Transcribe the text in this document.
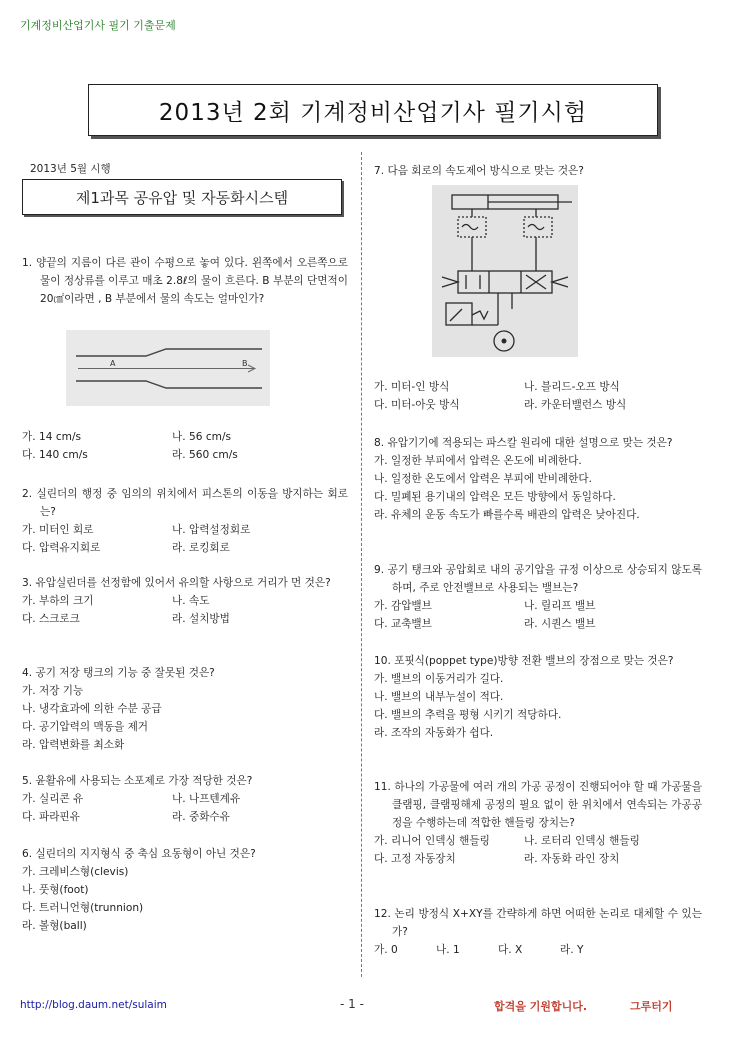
기계정비산업기사 필기 기출문제
2013년 2회 기계정비산업기사 필기시험
2013년 5월 시행
제1과목 공유압 및 자동화시스템

1. 양끝의 지름이 다른 관이 수평으로 놓여 있다. 왼쪽에서 오른쪽으로 물이 정상류를 이루고 매초 2.8ℓ의 물이 흐른다. B 부분의 단면적이 20㎠이라면 , B 부분에서 물의 속도는 얼마인가?

가. 14 cm/s	나. 56 cm/s
다. 140 cm/s	라. 560 cm/s

2. 실린더의 행정 중 임의의 위치에서 피스톤의 이동을 방지하는 회로는?

가. 미터인 회로	나. 압력설정회로
다. 압력유지회로	라. 로킹회로

3. 유압실린더를 선정함에 있어서 유의할 사항으로 거리가 먼 것은?

가. 부하의 크기	나. 속도
다. 스크로크	라. 설치방법

4. 공기 저장 탱크의 기능 중 잘못된 것은?

가. 저장 기능

나. 냉각효과에 의한 수분 공급

다. 공기압력의 맥동을 제거

라. 압력변화를 최소화

5. 윤활유에 사용되는 소포제로 가장 적당한 것은?

가. 실리콘 유	나. 나프텐계유
다. 파라핀유	라. 중화수유

6. 실린더의 지지형식 중 축심 요동형이 아닌 것은?

가. 크레비스형(clevis)

나. 풋형(foot)

다. 트러니언형(trunnion)

라. 볼형(ball)

A	B

7. 다음 회로의 속도제어 방식으로 맞는 것은?

가. 미터-인 방식	나. 블리드-오프 방식
다. 미터-아웃 방식	라. 카운터밸런스 방식

8. 유압기기에 적용되는 파스칼 원리에 대한 설명으로 맞는 것은?

가. 일정한 부피에서 압력은 온도에 비례한다.

나. 일정한 온도에서 압력은 부피에 반비례한다.

다. 밀폐된 용기내의 압력은 모든 방향에서 동일하다.

라. 유체의 운동 속도가 빠를수록 배관의 압력은 낮아진다.

9. 공기 탱크와 공압회로 내의 공기압을 규정 이상으로 상승되지 않도록 하며, 주로 안전밸브로 사용되는 밸브는?

가. 감압밸브	나. 릴리프 밸브
다. 교축밸브	라. 시퀀스 밸브

10. 포핏식(poppet type)방향 전환 밸브의 장점으로 맞는 것은?

가. 밸브의 이동거리가 길다.

나. 밸브의 내부누설이 적다.

다. 밸브의 추력을 평형 시키기 적당하다.

라. 조작의 자동화가 쉽다.

11. 하나의 가공물에 여러 개의 가공 공정이 진행되어야 할 때 가공물을 클램핑, 클램핑해제 공정의 필요 없이 한 위치에서 연속되는 가공공정을 수행하는데 적합한 핸들링 장치는?

가. 리니어 인덱싱 핸들링	나. 로터리 인덱싱 핸들링
다. 고정 자동장치	라. 자동화 라인 장치

12. 논리 방정식 X+XY를 간략하게 하면 어떠한 논리로 대체할 수 있는가?

가. 0	나. 1	다. X	라. Y
http://blog.daum.net/sulaim	- 1 -	합격을 기원합니다.	그루터기
